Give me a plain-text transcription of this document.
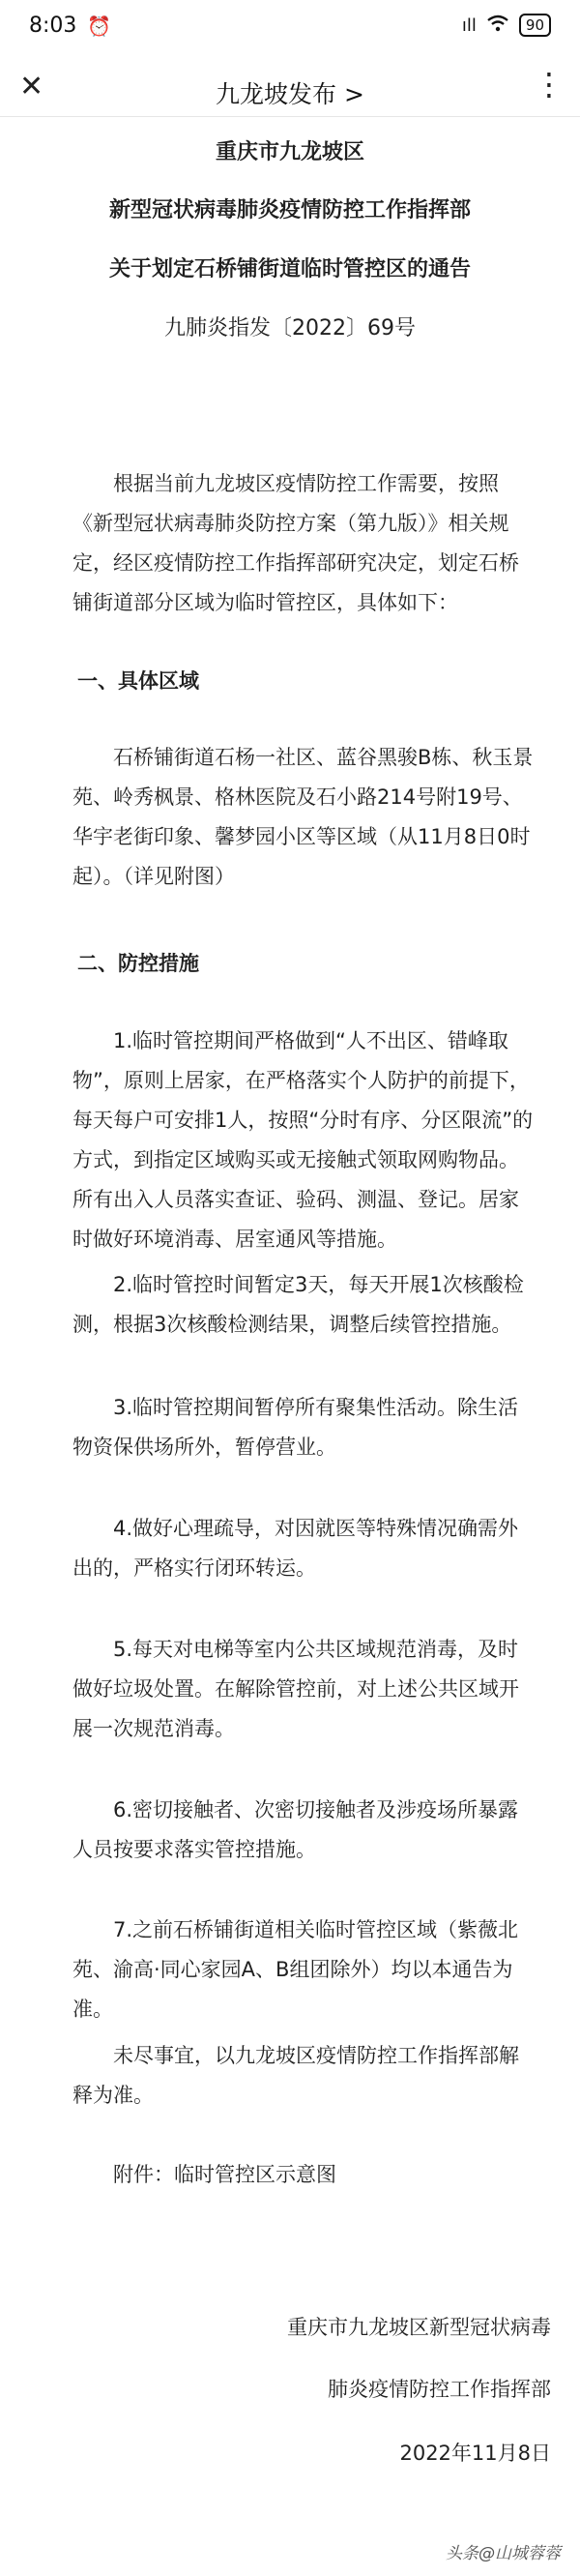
8:03 ⏰	ıll	90
✕	九龙坡发布 >	⋮
重庆市九龙坡区
新型冠状病毒肺炎疫情防控工作指挥部
关于划定石桥铺街道临时管控区的通告
九肺炎指发〔2022〕69号
根据当前九龙坡区疫情防控工作需要，按照《新型冠状病毒肺炎防控方案（第九版）》相关规定，经区疫情防控工作指挥部研究决定，划定石桥铺街道部分区域为临时管控区，具体如下：
一、具体区域
石桥铺街道石杨一社区、蓝谷黑骏B栋、秋玉景苑、岭秀枫景、格林医院及石小路214号附19号、华宇老街印象、馨梦园小区等区域（从11月8日0时起）。（详见附图）
二、防控措施
1.临时管控期间严格做到“人不出区、错峰取物”，原则上居家，在严格落实个人防护的前提下，每天每户可安排1人，按照“分时有序、分区限流”的方式，到指定区域购买或无接触式领取网购物品。所有出入人员落实查证、验码、测温、登记。居家时做好环境消毒、居室通风等措施。
2.临时管控时间暂定3天，每天开展1次核酸检测，根据3次核酸检测结果，调整后续管控措施。
3.临时管控期间暂停所有聚集性活动。除生活物资保供场所外，暂停营业。
4.做好心理疏导，对因就医等特殊情况确需外出的，严格实行闭环转运。
5.每天对电梯等室内公共区域规范消毒，及时做好垃圾处置。在解除管控前，对上述公共区域开展一次规范消毒。
6.密切接触者、次密切接触者及涉疫场所暴露人员按要求落实管控措施。
7.之前石桥铺街道相关临时管控区域（紫薇北苑、渝高·同心家园A、B组团除外）均以本通告为准。
未尽事宜，以九龙坡区疫情防控工作指挥部解释为准。
附件：临时管控区示意图
重庆市九龙坡区新型冠状病毒
肺炎疫情防控工作指挥部
2022年11月8日
头条@山城蓉蓉
